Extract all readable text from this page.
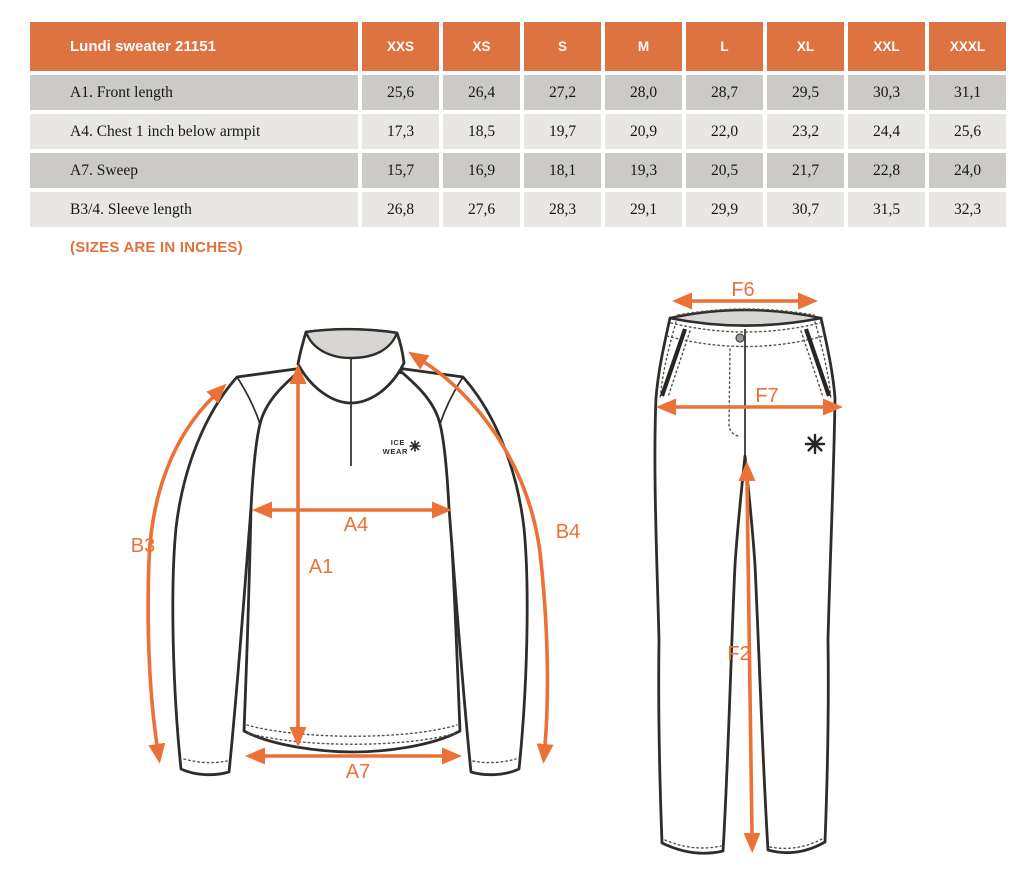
Lundi sweater 21151	XXS	XS	S	M	L	XL	XXL	XXXL
A1. Front length	25,6	26,4	27,2	28,0	28,7	29,5	30,3	31,1
A4. Chest 1 inch below armpit	17,3	18,5	19,7	20,9	22,0	23,2	24,4	25,6
A7. Sweep	15,7	16,9	18,1	19,3	20,5	21,7	22,8	24,0
B3/4. Sleeve length	26,8	27,6	28,3	29,1	29,9	30,7	31,5	32,3
(SIZES ARE IN INCHES)
ICE
WEAR
A1
A4
A7
B3
B4
F6
F7
F2
